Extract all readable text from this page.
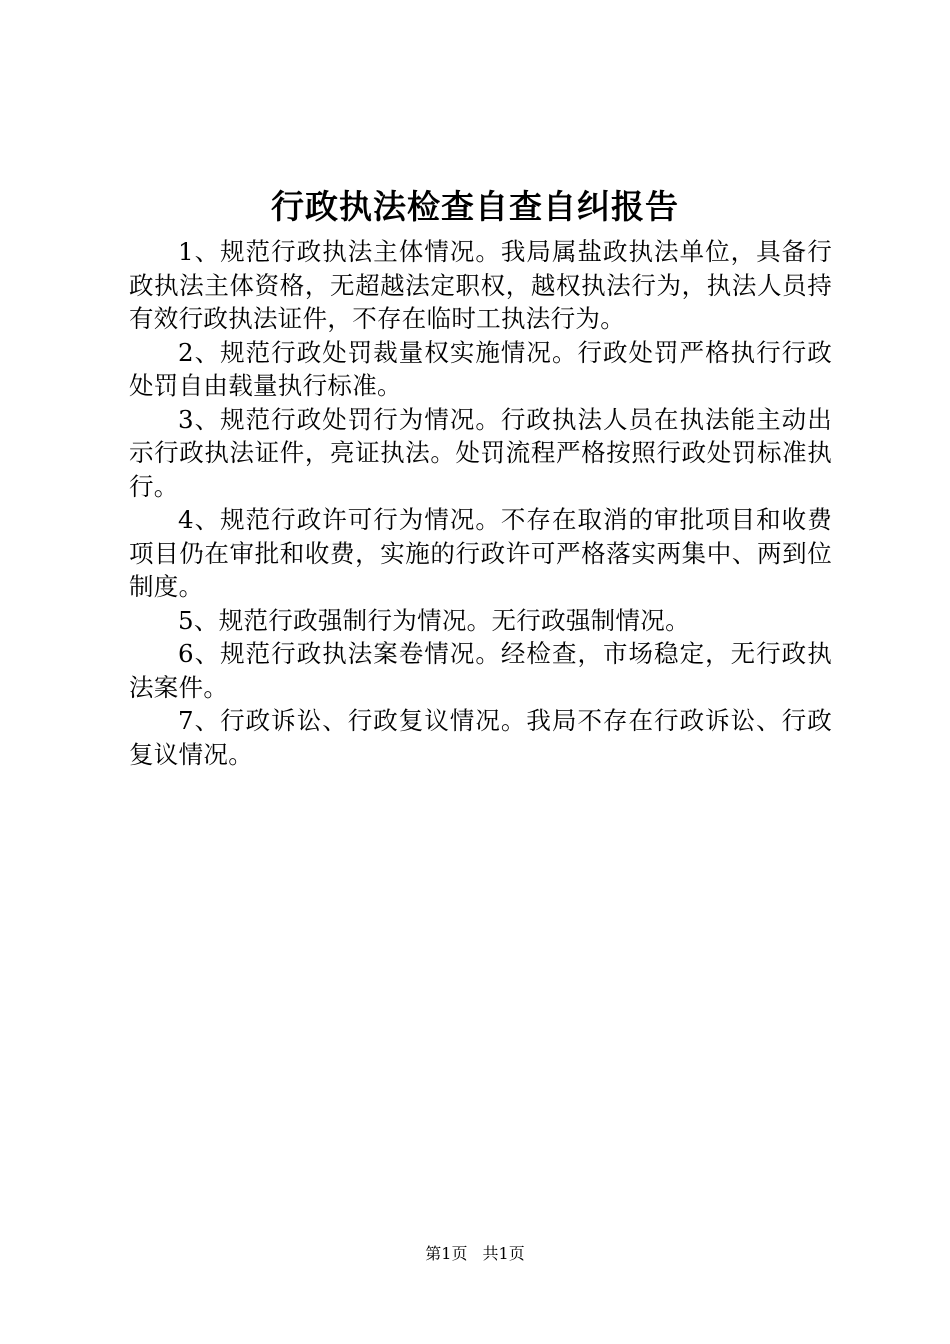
行政执法检查自查自纠报告

1、规范行政执法主体情况。我局属盐政执法单位，具备行政执法主体资格，无超越法定职权，越权执法行为，执法人员持有效行政执法证件，不存在临时工执法行为。

2、规范行政处罚裁量权实施情况。行政处罚严格执行行政处罚自由载量执行标准。

3、规范行政处罚行为情况。行政执法人员在执法能主动出示行政执法证件，亮证执法。处罚流程严格按照行政处罚标准执行。

4、规范行政许可行为情况。不存在取消的审批项目和收费项目仍在审批和收费，实施的行政许可严格落实两集中、两到位制度。

5、规范行政强制行为情况。无行政强制情况。

6、规范行政执法案卷情况。经检查，市场稳定，无行政执法案件。

7、行政诉讼、行政复议情况。我局不存在行政诉讼、行政复议情况。

第1页 共1页
